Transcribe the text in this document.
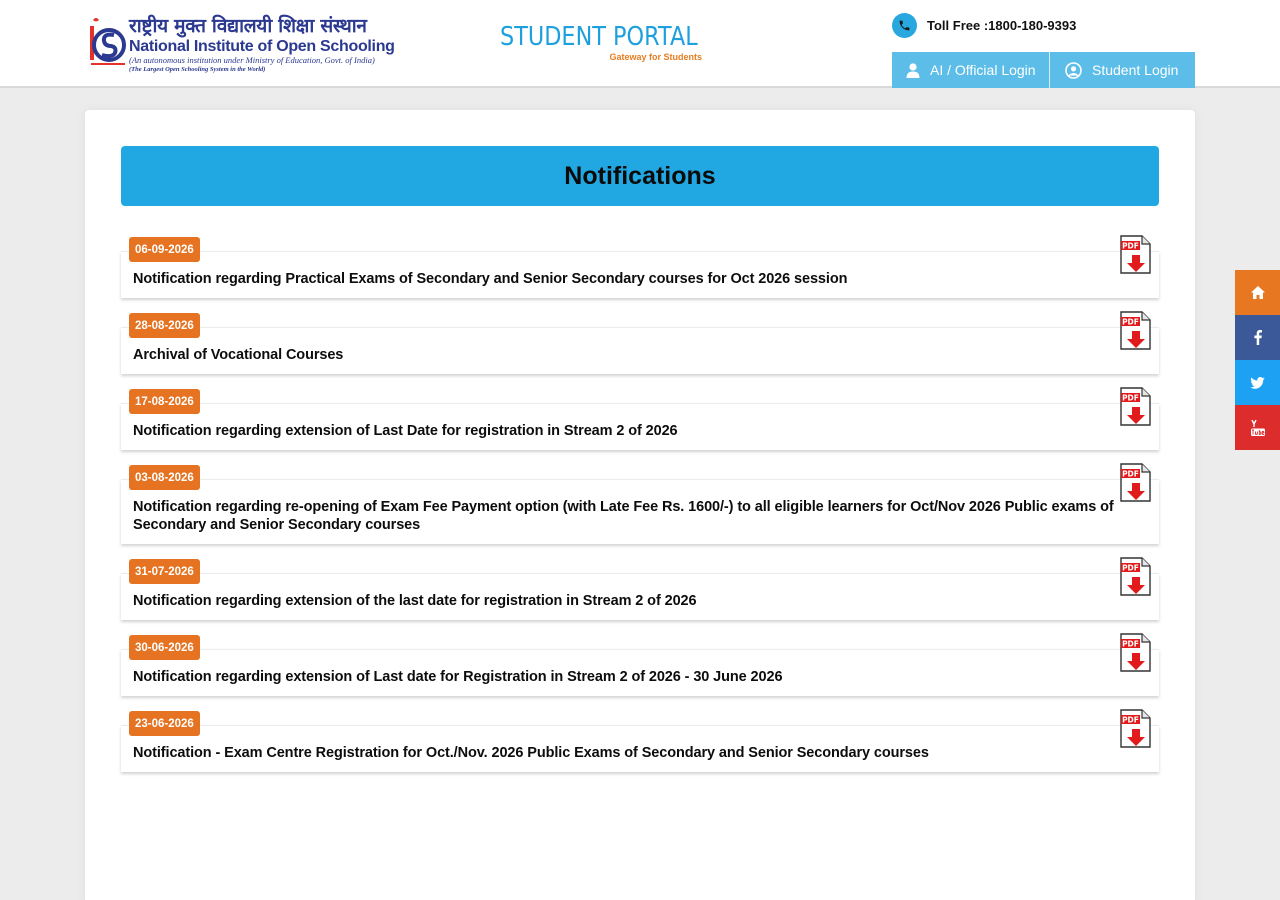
राष्ट्रीय मुक्त विद्यालयी शिक्षा संस्थान
National Institute of Open Schooling
(An autonomous institution under Ministry of Education, Govt. of India)
(The Largest Open Schooling System in the World)
STUDENT PORTAL
Gateway for Students
Toll Free :1800-180-9393
AI / Official Login	Student Login
Notifications
06-09-2026
Notification regarding Practical Exams of Secondary and Senior Secondary courses for Oct 2026 session
PDF
28-08-2026
Archival of Vocational Courses
PDF
17-08-2026
Notification regarding extension of Last Date for registration in Stream 2 of 2026
PDF
03-08-2026
Notification regarding re-opening of Exam Fee Payment option (with Late Fee Rs. 1600/-) to all eligible learners for Oct/Nov 2026 Public exams of Secondary and Senior Secondary courses
PDF
31-07-2026
Notification regarding extension of the last date for registration in Stream 2 of 2026
PDF
30-06-2026
Notification regarding extension of Last date for Registration in Stream 2 of 2026 - 30 June 2026
PDF
23-06-2026
Notification - Exam Centre Registration for Oct./Nov. 2026 Public Exams of Secondary and Senior Secondary courses
PDF
